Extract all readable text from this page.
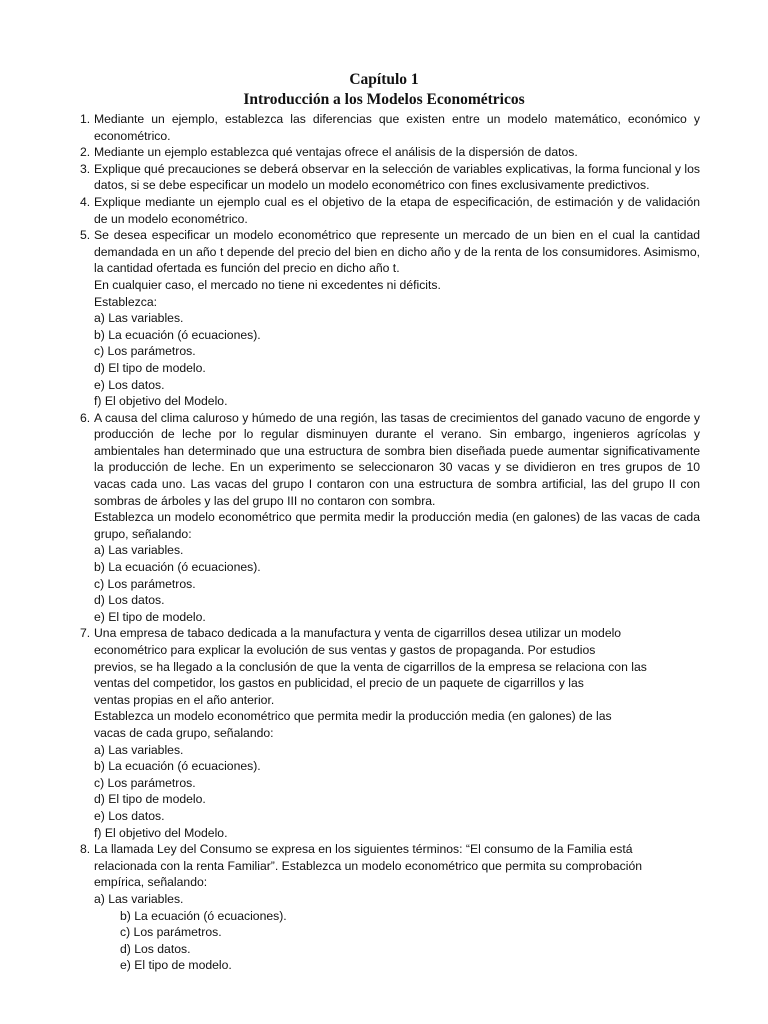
Capítulo 1
Introducción a los Modelos Econométricos
1. Mediante un ejemplo, establezca las diferencias que existen entre un modelo matemático, económico y econométrico.
2. Mediante un ejemplo establezca qué ventajas ofrece el análisis de la dispersión de datos.
3. Explique qué precauciones se deberá observar en la selección de variables explicativas, la forma funcional y los datos, si se debe especificar un modelo un modelo econométrico con fines exclusivamente predictivos.
4. Explique mediante un ejemplo cual es el objetivo de la etapa de especificación, de estimación y de validación de un modelo econométrico.
5. Se desea especificar un modelo econométrico que represente un mercado de un bien en el cual la cantidad demandada en un año t depende del precio del bien en dicho año y de la renta de los consumidores. Asimismo, la cantidad ofertada es función del precio en dicho año t.
En cualquier caso, el mercado no tiene ni excedentes ni déficits.
Establezca:
a) Las variables.
b) La ecuación (ó ecuaciones).
c) Los parámetros.
d) El tipo de modelo.
e) Los datos.
f) El objetivo del Modelo.
6. A causa del clima caluroso y húmedo de una región, las tasas de crecimientos del ganado vacuno de engorde y producción de leche por lo regular disminuyen durante el verano. Sin embargo, ingenieros agrícolas y ambientales han determinado que una estructura de sombra bien diseñada puede aumentar significativamente la producción de leche. En un experimento se seleccionaron 30 vacas y se dividieron en tres grupos de 10 vacas cada uno. Las vacas del grupo I contaron con una estructura de sombra artificial, las del grupo II con sombras de árboles y las del grupo III no contaron con sombra.
Establezca un modelo econométrico que permita medir la producción media (en galones) de las vacas de cada grupo, señalando:
a) Las variables.
b) La ecuación (ó ecuaciones).
c) Los parámetros.
d) Los datos.
e) El tipo de modelo.
7. Una empresa de tabaco dedicada a la manufactura y venta de cigarrillos desea utilizar un modelo
econométrico para explicar la evolución de sus ventas y gastos de propaganda. Por estudios
previos, se ha llegado a la conclusión de que la venta de cigarrillos de la empresa se relaciona con las
ventas del competidor, los gastos en publicidad, el precio de un paquete de cigarrillos y las
ventas propias en el año anterior.
Establezca un modelo econométrico que permita medir la producción media (en galones) de las
vacas de cada grupo, señalando:
a) Las variables.
b) La ecuación (ó ecuaciones).
c) Los parámetros.
d) El tipo de modelo.
e) Los datos.
f) El objetivo del Modelo.
8. La llamada Ley del Consumo se expresa en los siguientes términos: “El consumo de la Familia está
relacionada con la renta Familiar”. Establezca un modelo econométrico que permita su comprobación
empírica, señalando:
a) Las variables.
b) La ecuación (ó ecuaciones).
c) Los parámetros.
d) Los datos.
e) El tipo de modelo.
